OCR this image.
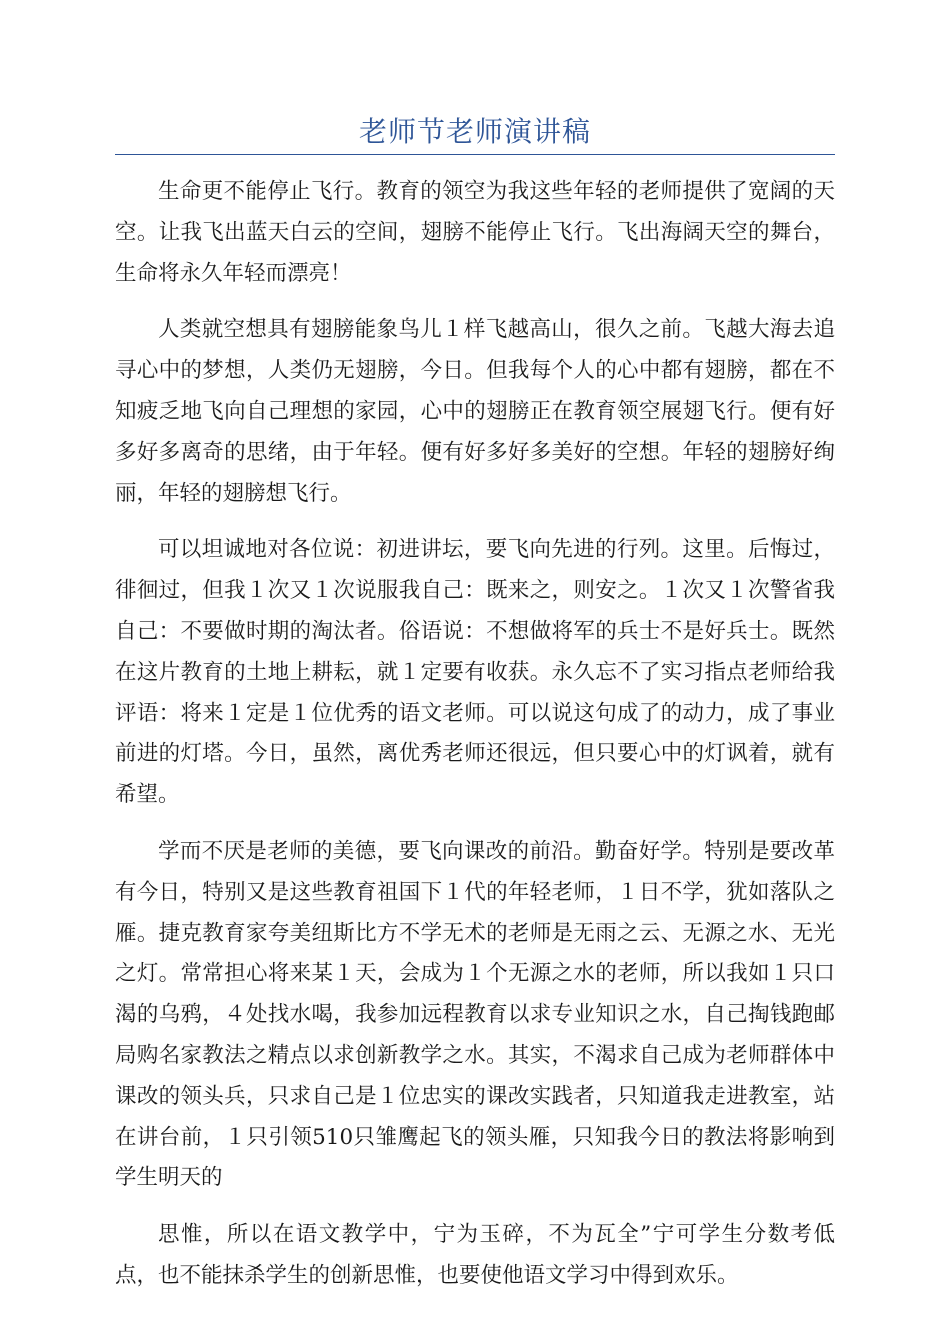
老师节老师演讲稿

生命更不能停止飞行。教育的领空为我这些年轻的老师提供了宽阔的天空。让我飞出蓝天白云的空间，翅膀不能停止飞行。飞出海阔天空的舞台，生命将永久年轻而漂亮！

人类就空想具有翅膀能象鸟儿１样飞越高山，很久之前。飞越大海去追寻心中的梦想，人类仍无翅膀，今日。但我每个人的心中都有翅膀，都在不知疲乏地飞向自己理想的家园，心中的翅膀正在教育领空展翅飞行。便有好多好多离奇的思绪，由于年轻。便有好多好多美好的空想。年轻的翅膀好绚丽，年轻的翅膀想飞行。

可以坦诚地对各位说：初进讲坛，要飞向先进的行列。这里。后悔过，徘徊过，但我１次又１次说服我自己：既来之，则安之。１次又１次警省我自己：不要做时期的淘汰者。俗语说：不想做将军的兵士不是好兵士。既然在这片教育的土地上耕耘，就１定要有收获。永久忘不了实习指点老师给我评语：将来１定是１位优秀的语文老师。可以说这句成了的动力，成了事业前进的灯塔。今日，虽然，离优秀老师还很远，但只要心中的灯讽着，就有希望。

学而不厌是老师的美德，要飞向课改的前沿。勤奋好学。特别是要改革有今日，特别又是这些教育祖国下１代的年轻老师，１日不学，犹如落队之雁。捷克教育家夸美纽斯比方不学无术的老师是无雨之云、无源之水、无光之灯。常常担心将来某１天，会成为１个无源之水的老师，所以我如１只口渴的乌鸦，４处找水喝，我参加远程教育以求专业知识之水，自己掏钱跑邮局购名家教法之精点以求创新教学之水。其实，不渴求自己成为老师群体中课改的领头兵，只求自己是１位忠实的课改实践者，只知道我走进教室，站在讲台前，１只引领510只雏鹰起飞的领头雁，只知我今日的教法将影响到学生明天的

思惟，所以在语文教学中，宁为玉碎，不为瓦全”宁可学生分数考低点，也不能抹杀学生的创新思惟，也要使他语文学习中得到欢乐。
